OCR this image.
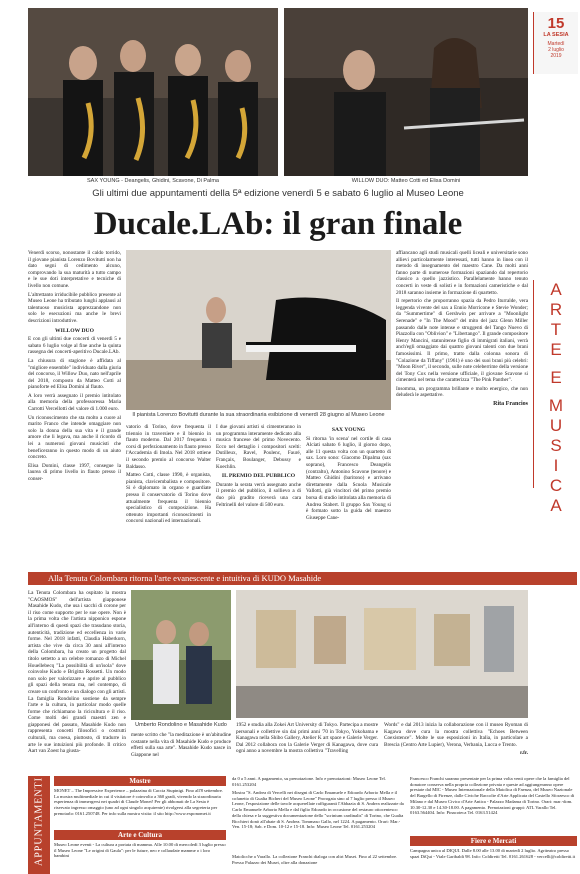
15
LA SESIA
Martedì
2 luglio
2019
SAX YOUNG - Deangelis, Ghidini, Scavone, Di Palma	WILLOW DUO: Matteo Cotti ed Elisa Domini
Gli ultimi due appuntamenti della 5ª edizione venerdì 5 e sabato 6 luglio al Museo Leone
Ducale.LAb: il gran finale
A
R
T
E
E
M
U
S
I
C
A

Venerdì scorso, nonostante il caldo torrido, il giovane pianista Lorenzo Bovitutti non ha dato segni di cedimento alcuno, comprovando la sua maturità a tutto campo e le sue doti interpretative e tecniche di livello non comune.

L'altrettanto irriducibile pubblico presente al Museo Leone ha tributato lunghi applausi al talentuoso musicista apprezzandone non solo le esecuzioni ma anche le brevi descrizioni introduttive.

WILLOW DUO

E con gli ultimi due concerti di venerdì 5 e sabato 6 luglio volge al fine anche la quinta rassegna dei concerti-aperitivo Ducale.LAb.

La chiusura di stagione è affidata al "migliore ensemble" individuato dalla giuria del concorso, il Willow Duo, nato nell'aprile del 2018, composto da Matteo Cotti al pianoforte ed Elisa Domini al flauto.

A loro verrà assegnato il premio intitolato alla memoria della professoressa Maria Carrotti Vercellotti del valore di 1.000 euro.

Un riconoscimento che sta molto a cuore al marito Franco che intende omaggiare non solo la donna della sua vita e il grande amore che li legava, ma anche il ricordo di lei a numerosi giovani musicisti che beneficeranno in questo modo di un aiuto concreto.

Elisa Domini, classe 1997, consegue la laurea di primo livello in flauto presso il conser-

Il pianista Lorenzo Bovitutti durante la sua straordinaria esibizione di venerdì 28 giugno al Museo Leone

vatorio di Torino, dove frequenta il triennio in traversiere e il biennio in flauto moderno. Dal 2017 frequenta i corsi di perfezionamento in flauto presso l'Accademia di Imola. Nel 2018 ottiene il secondo premio al concorso Walter Baldasso.

Matteo Cotti, classe 1990, è organista, pianista, clavicembalista e compositore. Si è diplomato in organo e guardiate presso il conservatorio di Torino dove attualmente frequenta il biennio specialistico di composizione. Ha ottenuto importanti riconoscimenti in concorsi nazionali ed internazionali.

I due giovani artisti si cimenteranno in un programma interamente dedicato alla musica francese del primo Novecento. Ecco nel dettaglio i compositori scelti: Dutilleux, Ravel, Poulenc, Fauré, Françaix, Boulanger, Debussy e Koechlin.

IL PREMIO DEL PUBBLICO

Durante la serata verrà assegnato anche il premio del pubblico, il sollievo a di duo più gradito riceverà una cara Feltrinelli del valore di 500 euro.

SAX YOUNG

Si ritorna 'in scena' nel cortile di casa Alciati sabato 6 luglio, il giorno dopo, alle 11 questa volta con un quartetto di sax. Loro sono: Giacomo Dipalma (sax soprano), Francesco Deangelis (contralto), Antonino Scavone (tenore) e Matteo Ghidini (baritono) e arrivano direttamente dalla Scuola Musicale Vallotti, già vincitori del primo premio borsa di studio intitolata alla memoria di Andrea Stabert. Il gruppo Sax Young si è formato sotto la guida del maestro Giuseppe Cane-

affiancano agli studi musicali quelli liceali e universitarie sono allievi particolarmente interessati, tutti hanno in linea con il metodo di insegnamento del maestro Cane. Da molti anni fanno parte di numerose formazioni spaziando dal repertorio classico a quello jazzistico. Parallelamente hanno tenuto concerti in veste di solisti e in formazioni cameristiche e dal 2018 saranno insieme in formazione di quartetto.

Il repertorio che proporranno spazia da Pedro Iturralde, vera leggenda vivente del sax a Ennio Morricone e Stevie Wonder; da "Summertime" di Gershwin per arrivare a "Moonlight Serenade" e "In The Mood" del mito del jazz Glenn Miller passando dalle note intense e struggenti del Tango Nuevo di Piazzolla con "Oblivion" e "Libertango". Il grande compositore Henry Mancini, statunitense figlio di immigrati italiani, verrà anch'egli omaggiato dai quattro giovani talenti con due brani famosissimi. Il primo, tratto dalla colonna sonora di "Colazione da Tiffany" (1961) è uno dei suoi brani più celebri: "Moon River", il secondo, sulle note celeberrime della versione del Tony Cox nella versione ufficiale, il giovane Scavone si cimenterà nel tema che caratterizza "The Pink Panther".

Insomma, un programma brillante e molto energico, che non deluderà le aspettative.

Rita Francios
Alla Tenuta Colombara ritorna l'arte evanescente e intuitiva di KUDO Masahide

La Tenuta Colombara ha ospitato la mostra "CAOSMOS" dell'artista giapponese Masahide Kudo, che usa i sacchi di corone per il riso come supporto per le sue opere. Non è la prima volta che l'artista nipponico espone all'interno di questi spazi che trasudano storia, autenticità, tradizione ed eccellenza in varie forme. Nel 2018 infatti, Claudia Haberkorn, artista che vive da circa 30 anni all'interno della Colombara, ha creato un progetto dal titolo settetto a un celebre romanzo di Michel Houellebecq "La possibilità di un'isola" dove coinvolse Kudo e Brigitta Rossetti. Un modo non solo per valorizzare e aprire al pubblico gli spazi della tenuta ma, nel contempo, di creare un confronto e un dialogo con gli artisti. La famiglia Rondolino sostiene da sempre l'arte e la cultura, in particolar modo quelle forme che richiamano la ricicultura e il riso. Come molti dei grandi maestri zen e giapponesi del passato, Masahide Kudo non rappresenta concetti filosofici o costrutti culturali, ma coesa, piuttosto, di tradurre in arte le sue intuizioni più profonde. Il critico Aart van Zoest ha giusta-

Umberto Rondolino e Masahide Kudo

mente scritto che "la meditazione è un'abitudine costante nella vita di Masahide Kudo e produce effetti sulla sua arte". Masahide Kudo nasce in Giappone nel

1952 e studia alla Zokei Art University di Tokyo. Partecipa a mostre personali e collettive sin dai primi anni '70 in Tokyo, Yokohama e Kanagawa nella Shibo Gallery, Atelier K art space e Galerie Verger. Dal 2012 collabora con la Galerie Verger di Kanagawa, dove cura ogni anno a novembre la mostra collettiva "Travelling

Words" e dal 2013 inizia la collaborazione con il museo Ryoman di Kagawa dove cura la mostra collettiva "Echoes Between Coexistence". Molte le sue esposizioni in Italia, in particolare a Brescia (Centro Arte Lupier), Verona, Verbania, Lucca e Trento.

r.fr.
APPUNTAMENTI	Mostre
MONET – The Impressive Experience – palazzina di Caccia Stupinigi. Fino all'8 settembre. La mostra multimediale in cui il visitatore è coinvolto a 360 gradi, vivendo la straordinaria esperienza di immergersi nei quadri di Claude Monet! Per gli abbonati de La Sesia è riservato ingresso omaggio (uno ad ogni singolo acquirente) rivolgersi alla segreteria per prenotarlo: 0161.250748. Per info sulla mostra visita: il sito http://www.exponomet.it
Arte e Cultura
Museo Leone eventi - La cultura a portata di mamma. Alle 10.00 di mercoledì 3 luglio presso il Museo Leone "Le origini di Gaula": per le future, neo e collaudate mamme o i loro bambini
da 0 a 5 anni. A pagamento, su prenotazione. Info e prenotazioni: Museo Leone Tel. 0161.253204
Mostra "S. Andrea di Vercelli nei disegni di Carlo Emanuele e Edoardo Arborio Mella e il cofanetto di Gualta Bicheri del Museo Leone" Prorogata sino al 7 luglio presso il Museo Leone, l'esposizione delle tavole acquerellate raffiguranti l'Abbazia di S. Andrea realizzate da Carlo Emanuele Arborio Mella e dal figlio Edoardo in occasione del restauro ottocentesco della chiesa e la suggestiva documentazione dello "scrinium cardinalis" di Torino, che Gualta Bicchieri donò all'abate di S. Andrea. Tommaso Gallo, nel 1224. A pagamento. Orari: Mar.-Ven. 15-18; Sab. e Dom. 10-12 e 15-18. Info: Museo Leone Tel. 0161.253204
Maiolicche a Varallo. La collezione Franchi dialoga con altri Musei. Fino al 22 settembre. Presso Palazzo dei Musei, oltre alla donazione
Francesco Franchi saranno presentate per la prima volta venti opere che la famiglia del donatore conserva nella propria collezione privata e queste ad aggiungeranno opere prestate dal MIC - Museo Internazionale della Maiolica di Faenza, del Museo Nazionale del Bargello di Firenze, dalle Civiche Raccolte d'Arte Applicata del Castello Sforzesco di Milano e dal Museo Civico d'Arte Antica - Palazzo Madama di Torino. Orari: mar.-dom. 10.30-12.30 e 14.30-18.00. A pagamento. Prenotazioni gruppi: ATL Varallo Tel. 0163.564404. Info: Pinacoteca Tel. 0163.51424
Fiere e Mercati
Campagna unica al DIQUI. Dalle 8.00 alle 13.00 di martedì 2 luglio. Agriteatro presso spazi DiQui - Viale Garibaldi 98. Info: Coldiretti Tel. 0161.261628 - vercelli@coldiretti.it
